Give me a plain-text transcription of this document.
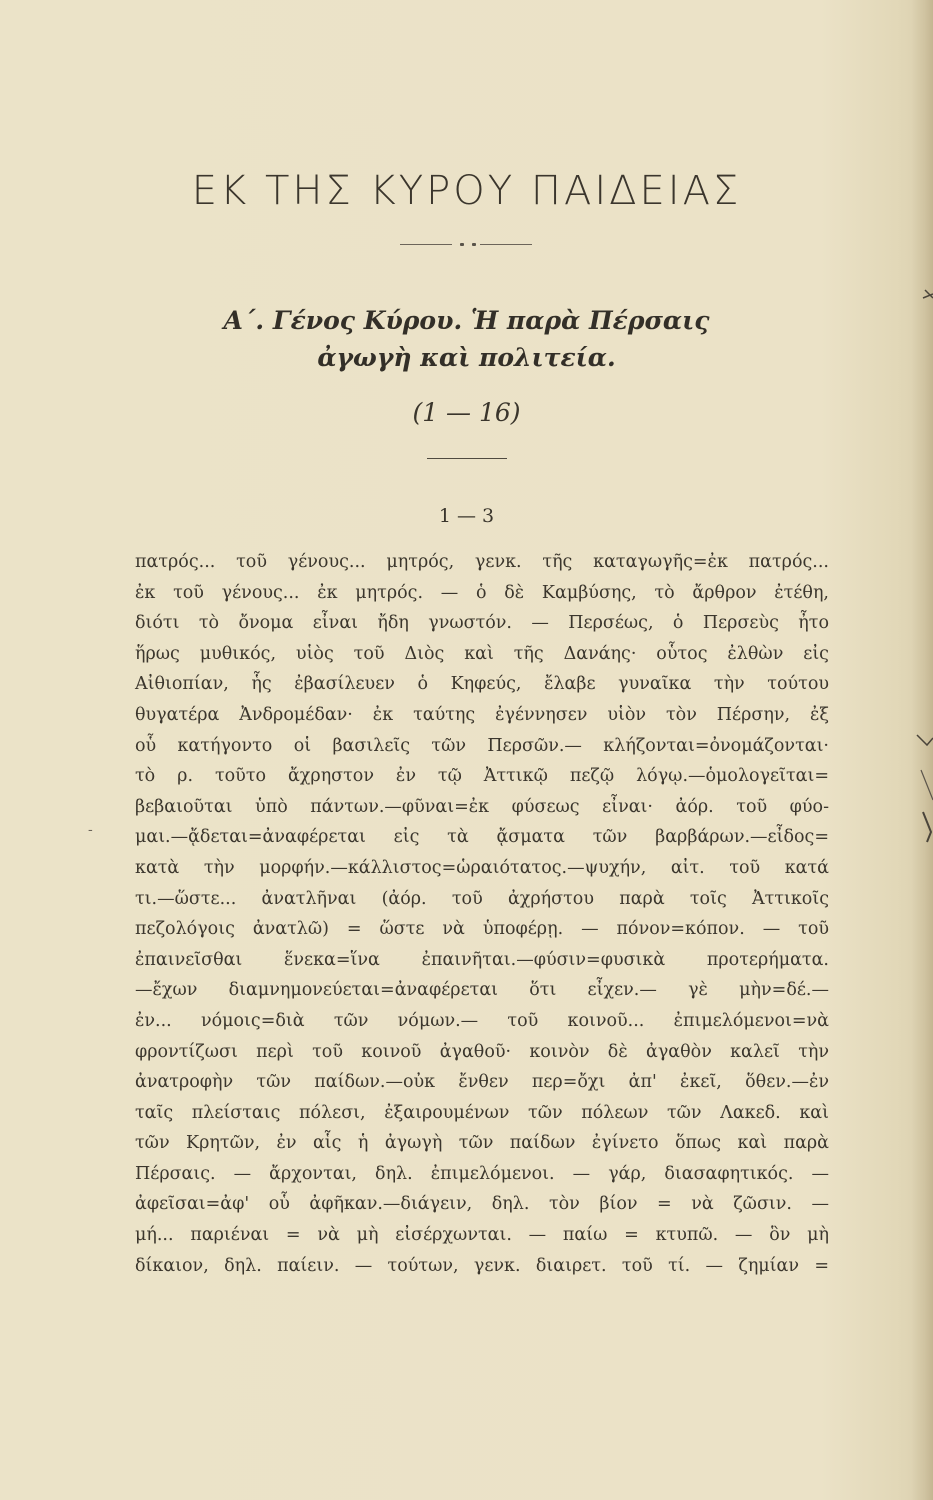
ΕΚ ΤΗΣ ΚΥΡΟΥ ΠΑΙΔΕΙΑΣ
Α΄. Γένος Κύρου. Ἡ παρὰ Πέρσαις
ἀγωγὴ καὶ πολιτεία.
(1 — 16)
1 — 3
-
πατρός... τοῦ γένους... μητρός, γενκ. τῆς καταγωγῆς=ἐκ πατρός...
ἐκ τοῦ γένους... ἐκ μητρός. — ὁ δὲ Καμβύσης, τὸ ἄρθρον ἐτέθη,
διότι τὸ ὄνομα εἶναι ἤδη γνωστόν. — Περσέως, ὁ Περσεὺς ἦτο
ἥρως μυθικός, υἱὸς τοῦ Διὸς καὶ τῆς Δανάης· οὗτος ἐλθὼν εἰς
Αἰθιοπίαν, ἧς ἐβασίλευεν ὁ Κηφεύς, ἔλαβε γυναῖκα τὴν τούτου
θυγατέρα Ἀνδρομέδαν· ἐκ ταύτης ἐγέννησεν υἱὸν τὸν Πέρσην, ἐξ
οὗ κατήγοντο οἱ βασιλεῖς τῶν Περσῶν.— κλήζονται=ὀνομάζονται·
τὸ ρ. τοῦτο ἄχρηστον ἐν τῷ Ἀττικῷ πεζῷ λόγῳ.—ὁμολογεῖται=
βεβαιοῦται ὑπὸ πάντων.—φῦναι=ἐκ φύσεως εἶναι· ἀόρ. τοῦ φύο-
μαι.—ᾄδεται=ἀναφέρεται εἰς τὰ ᾄσματα τῶν βαρβάρων.—εἶδος=
κατὰ τὴν μορφήν.—κάλλιστος=ὡραιότατος.—ψυχήν, αἰτ. τοῦ κατά
τι.—ὥστε... ἀνατλῆναι (ἀόρ. τοῦ ἀχρήστου παρὰ τοῖς Ἀττικοῖς
πεζολόγοις ἀνατλῶ) = ὥστε νὰ ὑποφέρῃ. — πόνον=κόπον. — τοῦ
ἐπαινεῖσθαι ἕνεκα=ἵνα ἐπαινῆται.—φύσιν=φυσικὰ προτερήματα.
—ἔχων διαμνημονεύεται=ἀναφέρεται ὅτι εἶχεν.— γὲ μὴν=δέ.—
ἐν... νόμοις=διὰ τῶν νόμων.— τοῦ κοινοῦ... ἐπιμελόμενοι=νὰ
φροντίζωσι περὶ τοῦ κοινοῦ ἀγαθοῦ· κοινὸν δὲ ἀγαθὸν καλεῖ τὴν
ἀνατροφὴν τῶν παίδων.—οὐκ ἔνθεν περ=ὄχι ἀπ' ἐκεῖ, ὅθεν.—ἐν
ταῖς πλείσταις πόλεσι, ἐξαιρουμένων τῶν πόλεων τῶν Λακεδ. καὶ
τῶν Κρητῶν, ἐν αἷς ἡ ἀγωγὴ τῶν παίδων ἐγίνετο ὅπως καὶ παρὰ
Πέρσαις. — ἄρχονται, δηλ. ἐπιμελόμενοι. — γάρ, διασαφητικός. —
ἀφεῖσαι=ἀφ' οὗ ἀφῆκαν.—διάγειν, δηλ. τὸν βίον = νὰ ζῶσιν. —
μή... παριέναι = νὰ μὴ εἰσέρχωνται. — παίω = κτυπῶ. — ὃν μὴ
δίκαιον, δηλ. παίειν. — τούτων, γενκ. διαιρετ. τοῦ τί. — ζημίαν =
